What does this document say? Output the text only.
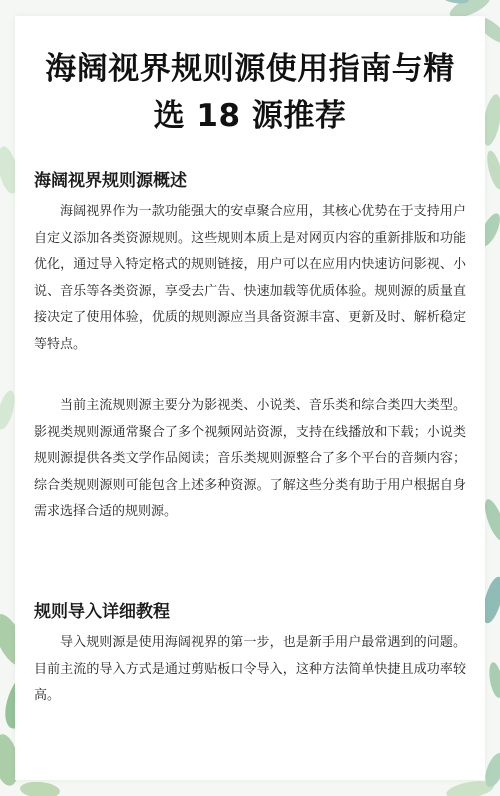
海阔视界规则源使用指南与精选 18 源推荐
海阔视界规则源概述

海阔视界作为一款功能强大的安卓聚合应用，其核心优势在于支持用户自定义添加各类资源规则。这些规则本质上是对网页内容的重新排版和功能优化，通过导入特定格式的规则链接，用户可以在应用内快速访问影视、小说、音乐等各类资源，享受去广告、快速加载等优质体验。规则源的质量直接决定了使用体验，优质的规则源应当具备资源丰富、更新及时、解析稳定等特点。

当前主流规则源主要分为影视类、小说类、音乐类和综合类四大类型。影视类规则源通常聚合了多个视频网站资源，支持在线播放和下载；小说类规则源提供各类文学作品阅读；音乐类规则源整合了多个平台的音频内容；综合类规则源则可能包含上述多种资源。了解这些分类有助于用户根据自身需求选择合适的规则源。

规则导入详细教程

导入规则源是使用海阔视界的第一步，也是新手用户最常遇到的问题。目前主流的导入方式是通过剪贴板口令导入，这种方法简单快捷且成功率较高。
